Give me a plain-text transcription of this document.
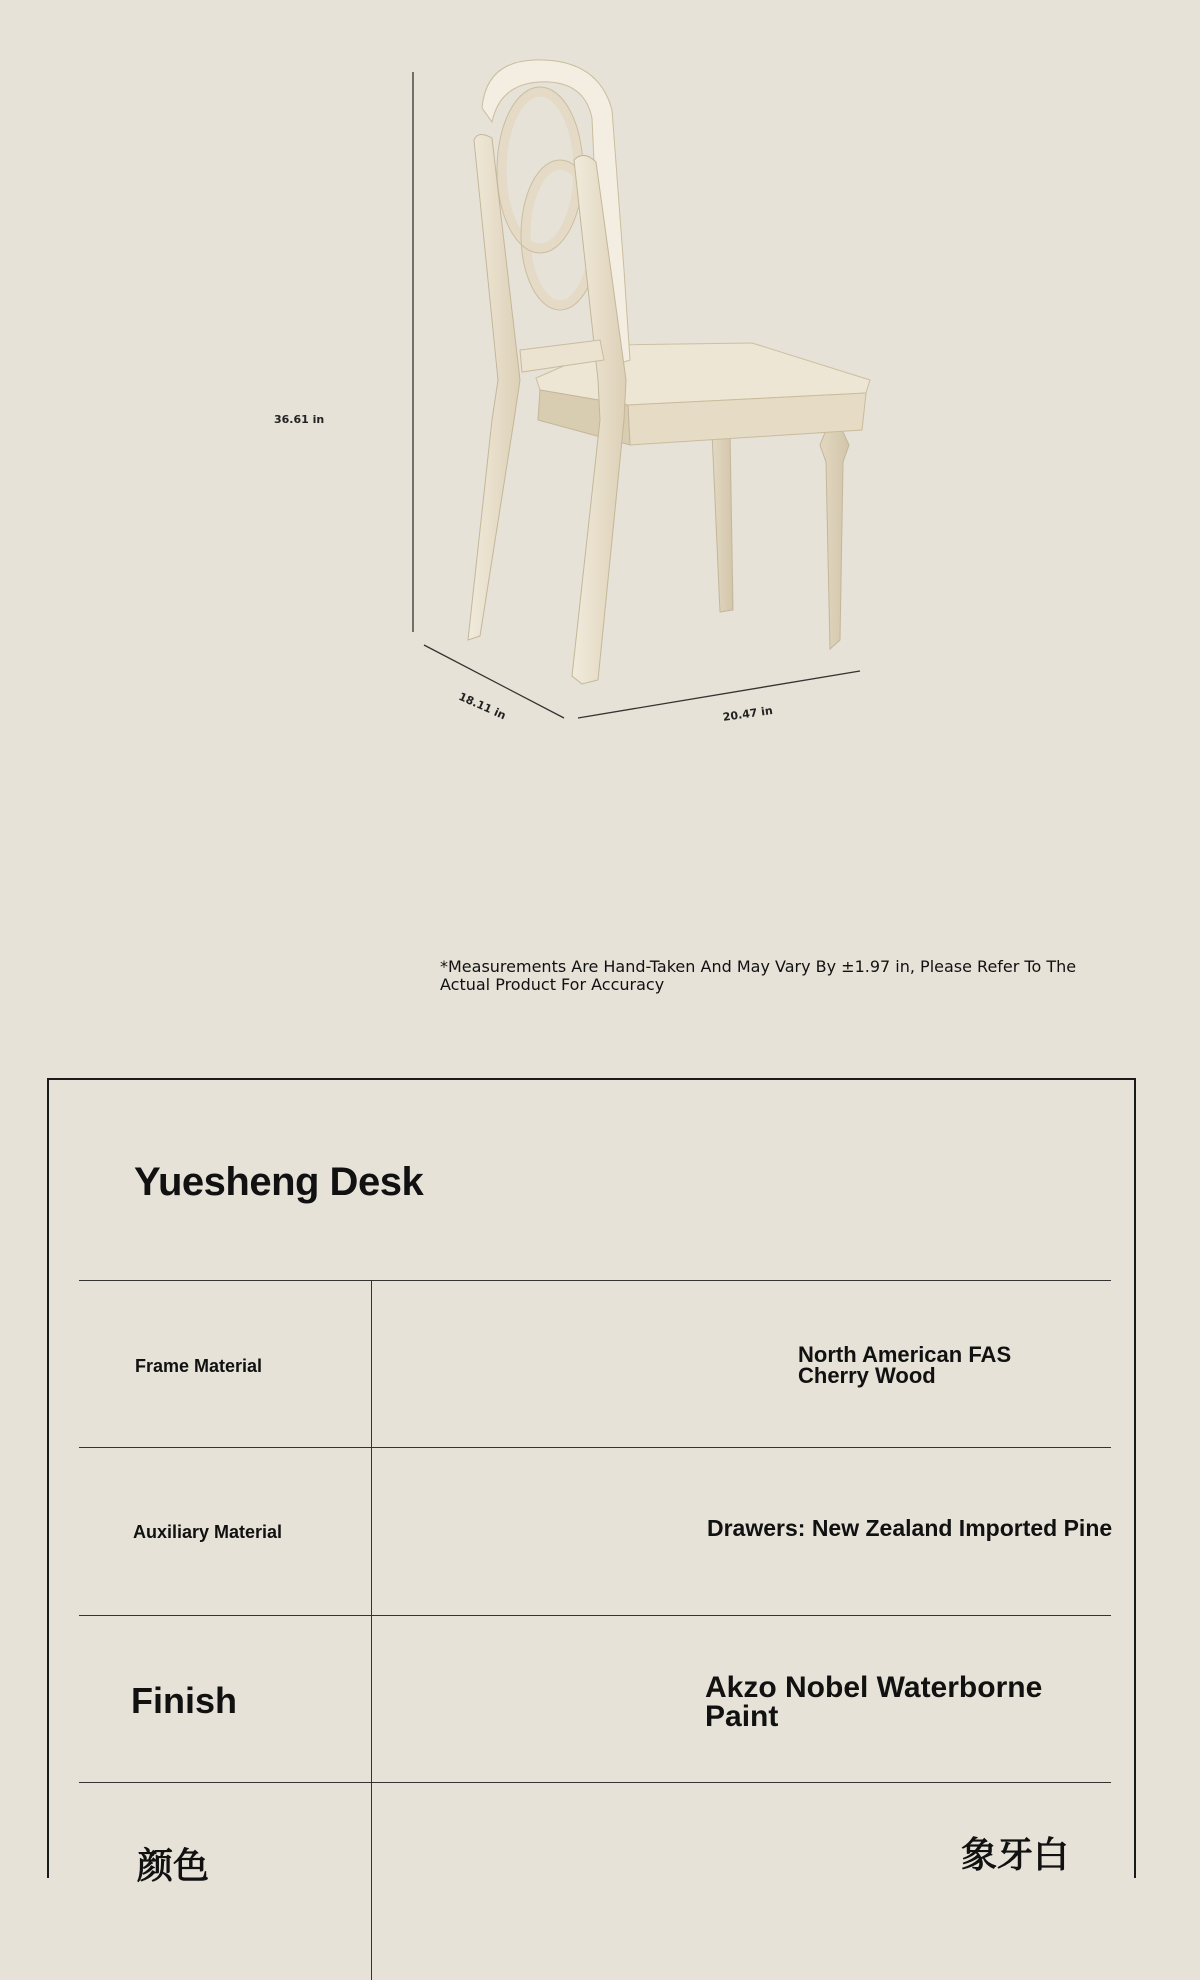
36.61 in
18.11 in	20.47 in
*Measurements Are Hand-Taken And May Vary By ±1.97 in, Please Refer To The Actual Product For Accuracy
Yuesheng Desk
Frame Material	North American FAS Cherry Wood
Auxiliary Material	Drawers: New Zealand Imported Pine
Finish	Akzo Nobel Waterborne Paint
颜色	象牙白
